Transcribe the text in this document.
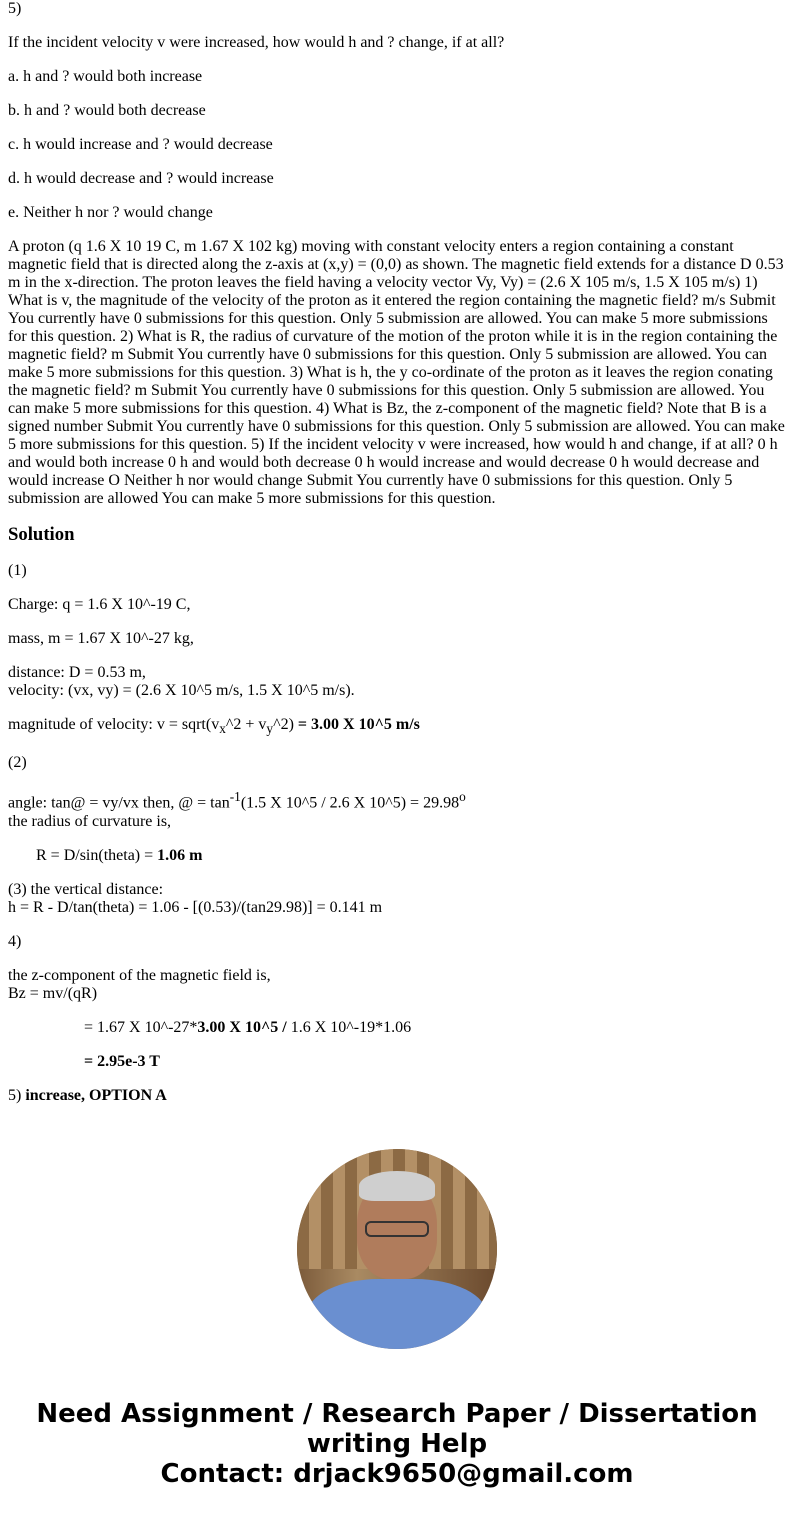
5)

If the incident velocity v were increased, how would h and ? change, if at all?

a. h and ? would both increase

b. h and ? would both decrease

c. h would increase and ? would decrease

d. h would decrease and ? would increase

e. Neither h nor ? would change

A proton (q 1.6 X 10 19 C, m 1.67 X 102 kg) moving with constant velocity enters a region containing a constant magnetic field that is directed along the z-axis at (x,y) = (0,0) as shown. The magnetic field extends for a distance D 0.53 m in the x-direction. The proton leaves the field having a velocity vector Vy, Vy) = (2.6 X 105 m/s, 1.5 X 105 m/s) 1) What is v, the magnitude of the velocity of the proton as it entered the region containing the magnetic field? m/s Submit You currently have 0 submissions for this question. Only 5 submission are allowed. You can make 5 more submissions for this question. 2) What is R, the radius of curvature of the motion of the proton while it is in the region containing the magnetic field? m Submit You currently have 0 submissions for this question. Only 5 submission are allowed. You can make 5 more submissions for this question. 3) What is h, the y co-ordinate of the proton as it leaves the region conating the magnetic field? m Submit You currently have 0 submissions for this question. Only 5 submission are allowed. You can make 5 more submissions for this question. 4) What is Bz, the z-component of the magnetic field? Note that B is a signed number Submit You currently have 0 submissions for this question. Only 5 submission are allowed. You can make 5 more submissions for this question. 5) If the incident velocity v were increased, how would h and change, if at all? 0 h and would both increase 0 h and would both decrease 0 h would increase and would decrease 0 h would decrease and would increase O Neither h nor would change Submit You currently have 0 submissions for this question. Only 5 submission are allowed You can make 5 more submissions for this question.

Solution

(1)

Charge: q = 1.6 X 10^-19 C,

mass, m = 1.67 X 10^-27 kg,

distance: D = 0.53 m,
velocity: (vx, vy) = (2.6 X 10^5 m/s, 1.5 X 10^5 m/s).

magnitude of velocity: $v = sqrt(v_x\^{}2$ + $v_y\^{}2) = 3.00$ X 10^5 m/s

(2)

angle: tan@ = vy/vx then, @ = $\tan^{-1}(1.5$ X 10^5 / 2.6 X 10^5) = $29.98^o$
the radius of curvature is,

R = D/sin(theta) = 1.06 m

(3) the vertical distance:
h = R - D/tan(theta) = 1.06 - [(0.53)/(tan29.98)] = 0.141 m

4)

the z-component of the magnetic field is,
Bz = mv/(qR)

= 1.67 X 10^-27*3.00 X 10^5 / 1.6 X 10^-19*1.06

= 2.95e-3 T

5) increase, OPTION A

Need Assignment / Research Paper / Dissertation writing Help
Contact: drjack9650@gmail.com
